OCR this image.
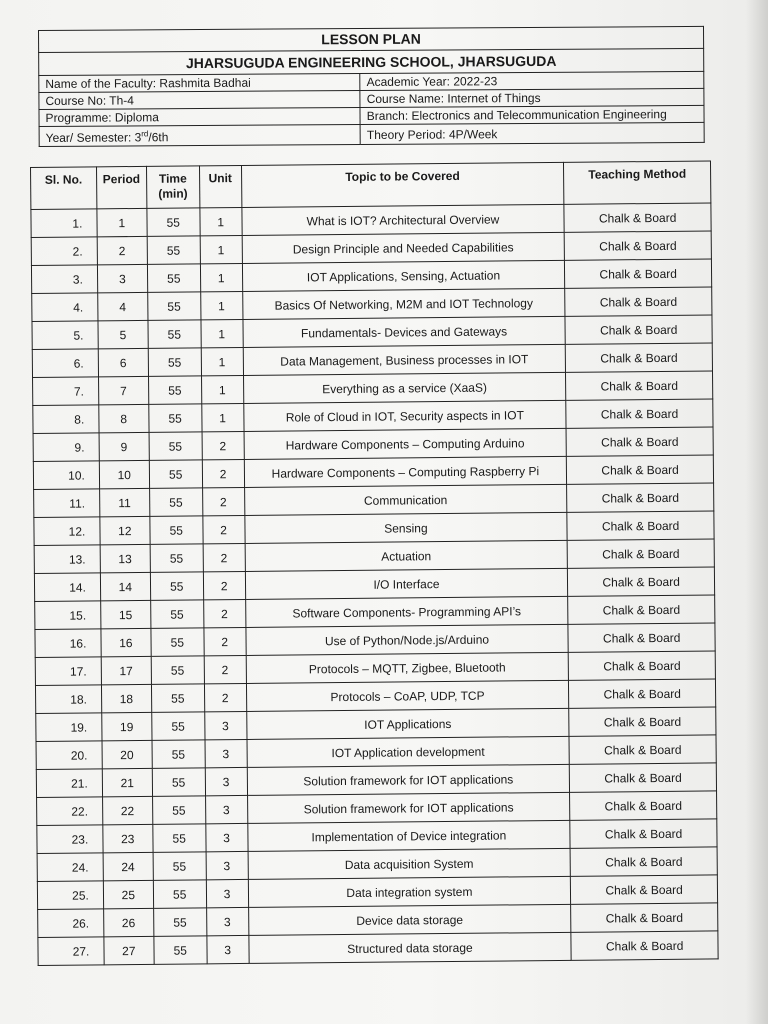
LESSON PLAN	
JHARSUGUDA ENGINEERING SCHOOL, JHARSUGUDA	
Name of the Faculty: Rashmita Badhai	Academic Year: 2022-23
Course No: Th-4	Course Name: Internet of Things
Programme: Diploma	Branch: Electronics and Telecommunication Engineering
Year/ Semester: 3rd/6th	Theory Period: 4P/Week
Sl. No.	Period	Time (min)	Unit	Topic to be Covered	Teaching Method
1.	1	55	1	What is IOT? Architectural Overview	Chalk & Board
2.	2	55	1	Design Principle and Needed Capabilities	Chalk & Board
3.	3	55	1	IOT Applications, Sensing, Actuation	Chalk & Board
4.	4	55	1	Basics Of Networking, M2M and IOT Technology	Chalk & Board
5.	5	55	1	Fundamentals- Devices and Gateways	Chalk & Board
6.	6	55	1	Data Management, Business processes in IOT	Chalk & Board
7.	7	55	1	Everything as a service (XaaS)	Chalk & Board
8.	8	55	1	Role of Cloud in IOT, Security aspects in IOT	Chalk & Board
9.	9	55	2	Hardware Components – Computing Arduino	Chalk & Board
10.	10	55	2	Hardware Components – Computing Raspberry Pi	Chalk & Board
11.	11	55	2	Communication	Chalk & Board
12.	12	55	2	Sensing	Chalk & Board
13.	13	55	2	Actuation	Chalk & Board
14.	14	55	2	I/O Interface	Chalk & Board
15.	15	55	2	Software Components- Programming API’s	Chalk & Board
16.	16	55	2	Use of Python/Node.js/Arduino	Chalk & Board
17.	17	55	2	Protocols – MQTT, Zigbee, Bluetooth	Chalk & Board
18.	18	55	2	Protocols – CoAP, UDP, TCP	Chalk & Board
19.	19	55	3	IOT Applications	Chalk & Board
20.	20	55	3	IOT Application development	Chalk & Board
21.	21	55	3	Solution framework for IOT applications	Chalk & Board
22.	22	55	3	Solution framework for IOT applications	Chalk & Board
23.	23	55	3	Implementation of Device integration	Chalk & Board
24.	24	55	3	Data acquisition System	Chalk & Board
25.	25	55	3	Data integration system	Chalk & Board
26.	26	55	3	Device data storage	Chalk & Board
27.	27	55	3	Structured data storage	Chalk & Board
